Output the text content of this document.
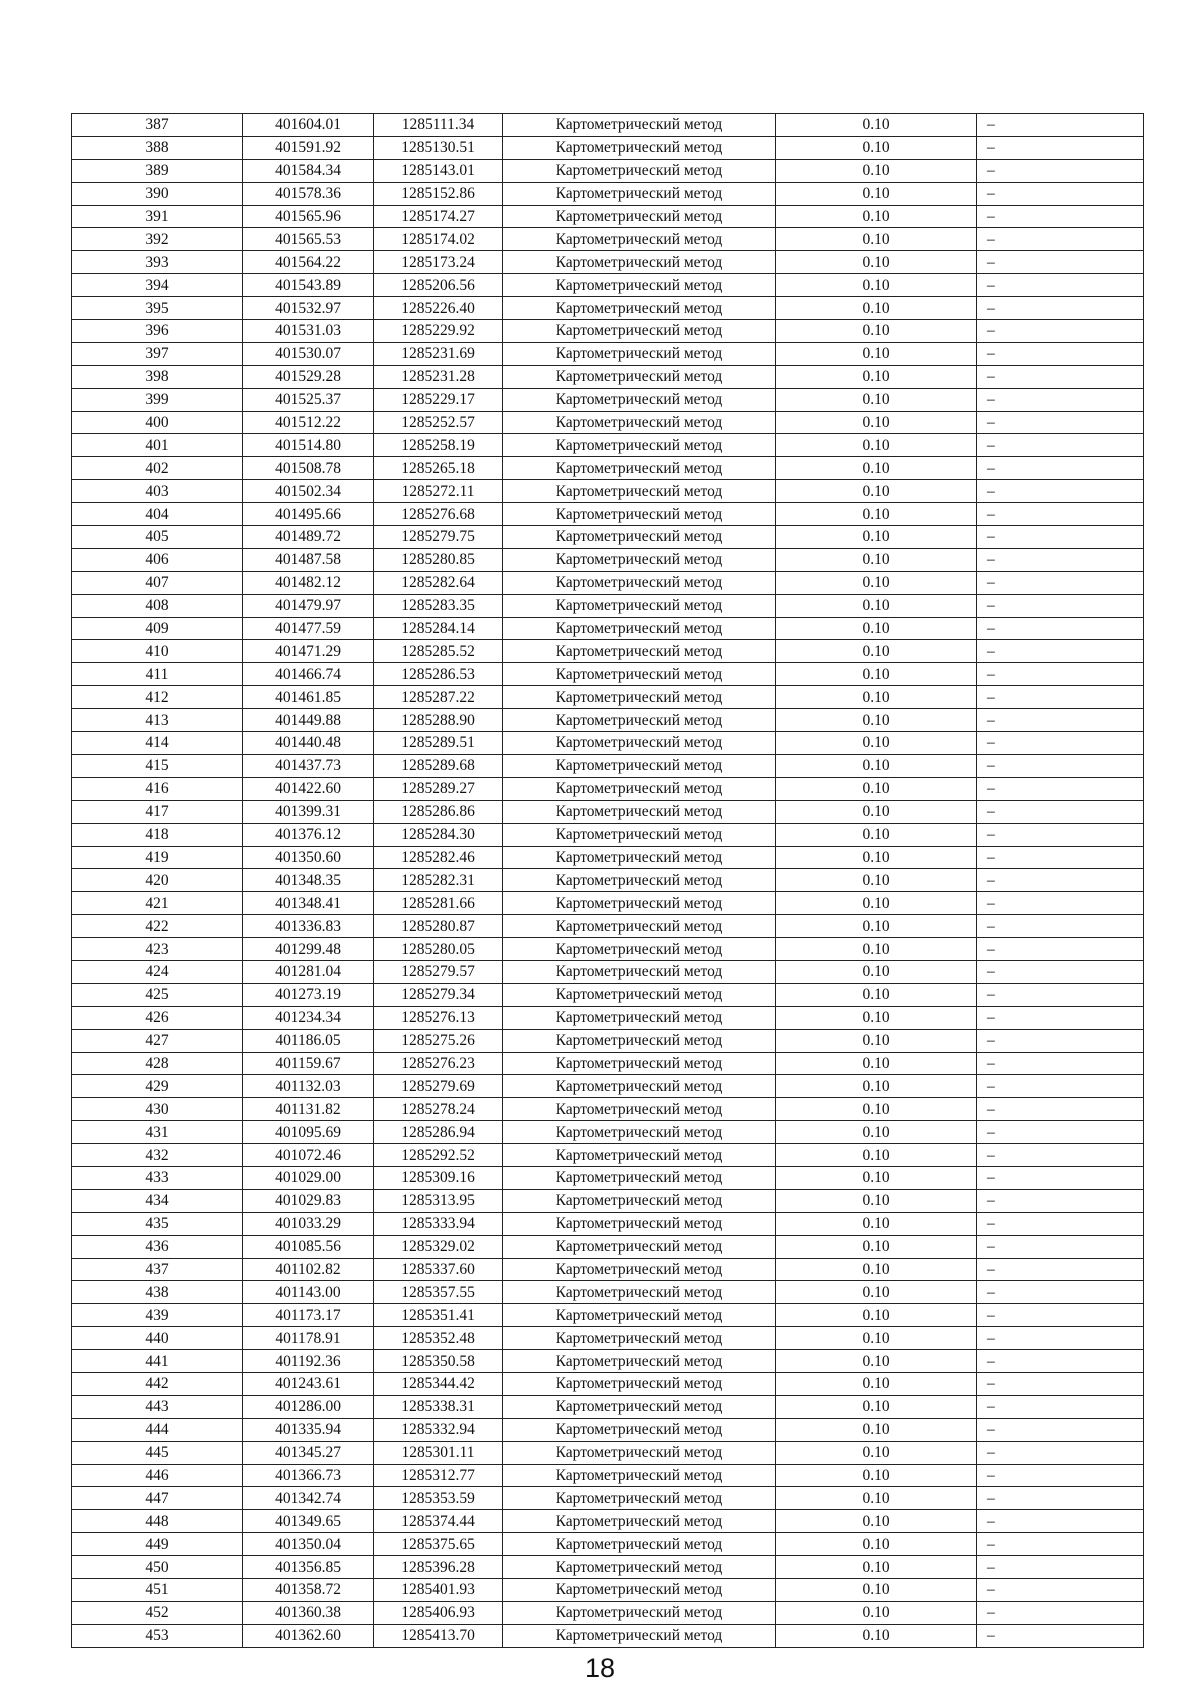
387	401604.01	1285111.34	Картометрический метод	0.10	–
388	401591.92	1285130.51	Картометрический метод	0.10	–
389	401584.34	1285143.01	Картометрический метод	0.10	–
390	401578.36	1285152.86	Картометрический метод	0.10	–
391	401565.96	1285174.27	Картометрический метод	0.10	–
392	401565.53	1285174.02	Картометрический метод	0.10	–
393	401564.22	1285173.24	Картометрический метод	0.10	–
394	401543.89	1285206.56	Картометрический метод	0.10	–
395	401532.97	1285226.40	Картометрический метод	0.10	–
396	401531.03	1285229.92	Картометрический метод	0.10	–
397	401530.07	1285231.69	Картометрический метод	0.10	–
398	401529.28	1285231.28	Картометрический метод	0.10	–
399	401525.37	1285229.17	Картометрический метод	0.10	–
400	401512.22	1285252.57	Картометрический метод	0.10	–
401	401514.80	1285258.19	Картометрический метод	0.10	–
402	401508.78	1285265.18	Картометрический метод	0.10	–
403	401502.34	1285272.11	Картометрический метод	0.10	–
404	401495.66	1285276.68	Картометрический метод	0.10	–
405	401489.72	1285279.75	Картометрический метод	0.10	–
406	401487.58	1285280.85	Картометрический метод	0.10	–
407	401482.12	1285282.64	Картометрический метод	0.10	–
408	401479.97	1285283.35	Картометрический метод	0.10	–
409	401477.59	1285284.14	Картометрический метод	0.10	–
410	401471.29	1285285.52	Картометрический метод	0.10	–
411	401466.74	1285286.53	Картометрический метод	0.10	–
412	401461.85	1285287.22	Картометрический метод	0.10	–
413	401449.88	1285288.90	Картометрический метод	0.10	–
414	401440.48	1285289.51	Картометрический метод	0.10	–
415	401437.73	1285289.68	Картометрический метод	0.10	–
416	401422.60	1285289.27	Картометрический метод	0.10	–
417	401399.31	1285286.86	Картометрический метод	0.10	–
418	401376.12	1285284.30	Картометрический метод	0.10	–
419	401350.60	1285282.46	Картометрический метод	0.10	–
420	401348.35	1285282.31	Картометрический метод	0.10	–
421	401348.41	1285281.66	Картометрический метод	0.10	–
422	401336.83	1285280.87	Картометрический метод	0.10	–
423	401299.48	1285280.05	Картометрический метод	0.10	–
424	401281.04	1285279.57	Картометрический метод	0.10	–
425	401273.19	1285279.34	Картометрический метод	0.10	–
426	401234.34	1285276.13	Картометрический метод	0.10	–
427	401186.05	1285275.26	Картометрический метод	0.10	–
428	401159.67	1285276.23	Картометрический метод	0.10	–
429	401132.03	1285279.69	Картометрический метод	0.10	–
430	401131.82	1285278.24	Картометрический метод	0.10	–
431	401095.69	1285286.94	Картометрический метод	0.10	–
432	401072.46	1285292.52	Картометрический метод	0.10	–
433	401029.00	1285309.16	Картометрический метод	0.10	–
434	401029.83	1285313.95	Картометрический метод	0.10	–
435	401033.29	1285333.94	Картометрический метод	0.10	–
436	401085.56	1285329.02	Картометрический метод	0.10	–
437	401102.82	1285337.60	Картометрический метод	0.10	–
438	401143.00	1285357.55	Картометрический метод	0.10	–
439	401173.17	1285351.41	Картометрический метод	0.10	–
440	401178.91	1285352.48	Картометрический метод	0.10	–
441	401192.36	1285350.58	Картометрический метод	0.10	–
442	401243.61	1285344.42	Картометрический метод	0.10	–
443	401286.00	1285338.31	Картометрический метод	0.10	–
444	401335.94	1285332.94	Картометрический метод	0.10	–
445	401345.27	1285301.11	Картометрический метод	0.10	–
446	401366.73	1285312.77	Картометрический метод	0.10	–
447	401342.74	1285353.59	Картометрический метод	0.10	–
448	401349.65	1285374.44	Картометрический метод	0.10	–
449	401350.04	1285375.65	Картометрический метод	0.10	–
450	401356.85	1285396.28	Картометрический метод	0.10	–
451	401358.72	1285401.93	Картометрический метод	0.10	–
452	401360.38	1285406.93	Картометрический метод	0.10	–
453	401362.60	1285413.70	Картометрический метод	0.10	–
18
